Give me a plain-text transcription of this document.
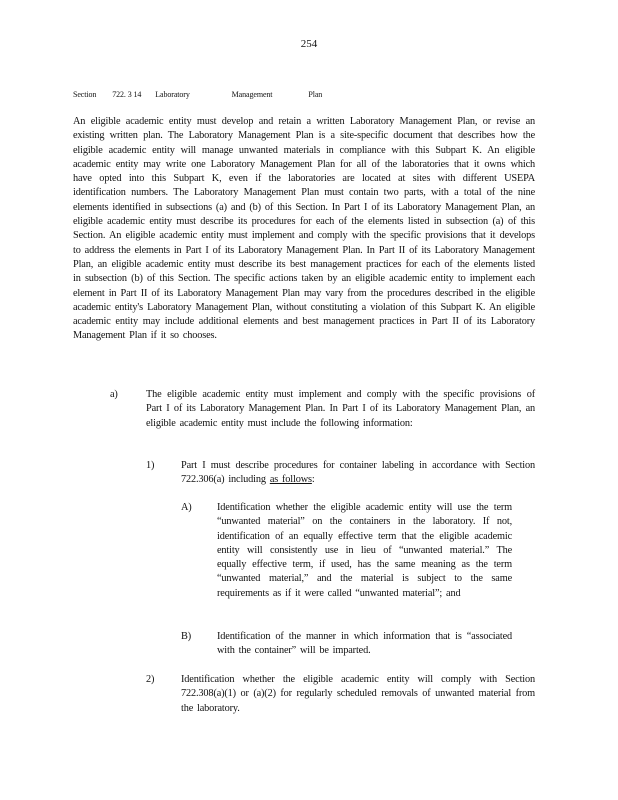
254
Section 722. 3 14 Laboratory	Management	Plan
An eligible academic entity must develop and retain a written Laboratory Management Plan, or revise an existing written plan. The Laboratory Management Plan is a site-specific document that describes how the eligible academic entity will manage unwanted materials in compliance with this Subpart K. An eligible academic entity may write one Laboratory Management Plan for all of the laboratories that it owns which have opted into this Subpart K, even if the laboratories are located at sites with different USEPA identification numbers. The Laboratory Management Plan must contain two parts, with a total of the nine elements identified in subsections (a) and (b) of this Section. In Part I of its Laboratory Management Plan, an eligible academic entity must describe its procedures for each of the elements listed in subsection (a) of this Section. An eligible academic entity must implement and comply with the specific provisions that it develops to address the elements in Part I of its Laboratory Management Plan. In Part II of its Laboratory Management Plan, an eligible academic entity must describe its best management practices for each of the elements listed in subsection (b) of this Section. The specific actions taken by an eligible academic entity to implement each element in Part II of its Laboratory Management Plan may vary from the procedures described in the eligible academic entity's Laboratory Management Plan, without constituting a violation of this Subpart K. An eligible academic entity may include additional elements and best management practices in Part II of its Laboratory Management Plan if it so chooses.
a)	The eligible academic entity must implement and comply with the specific provisions of Part I of its Laboratory Management Plan. In Part I of its Laboratory Management Plan, an eligible academic entity must include the following information:
1)	Part I must describe procedures for container labeling in accordance with Section 722.306(a) including as follows:
A) Identification whether the eligible academic entity will use the term “unwanted material” on the containers in the laboratory. If not, identification of an equally effective term that the eligible academic entity will consistently use in lieu of “unwanted material.” The equally effective term, if used, has the same meaning as the term “unwanted material,” and the material is subject to the same requirements as if it were called “unwanted material”; and
B)	Identification of the manner in which information that is “associated with the container” will be imparted.
2)	Identification whether the eligible academic entity will comply with Section 722.308(a)(1) or (a)(2) for regularly scheduled removals of unwanted material from the laboratory.
